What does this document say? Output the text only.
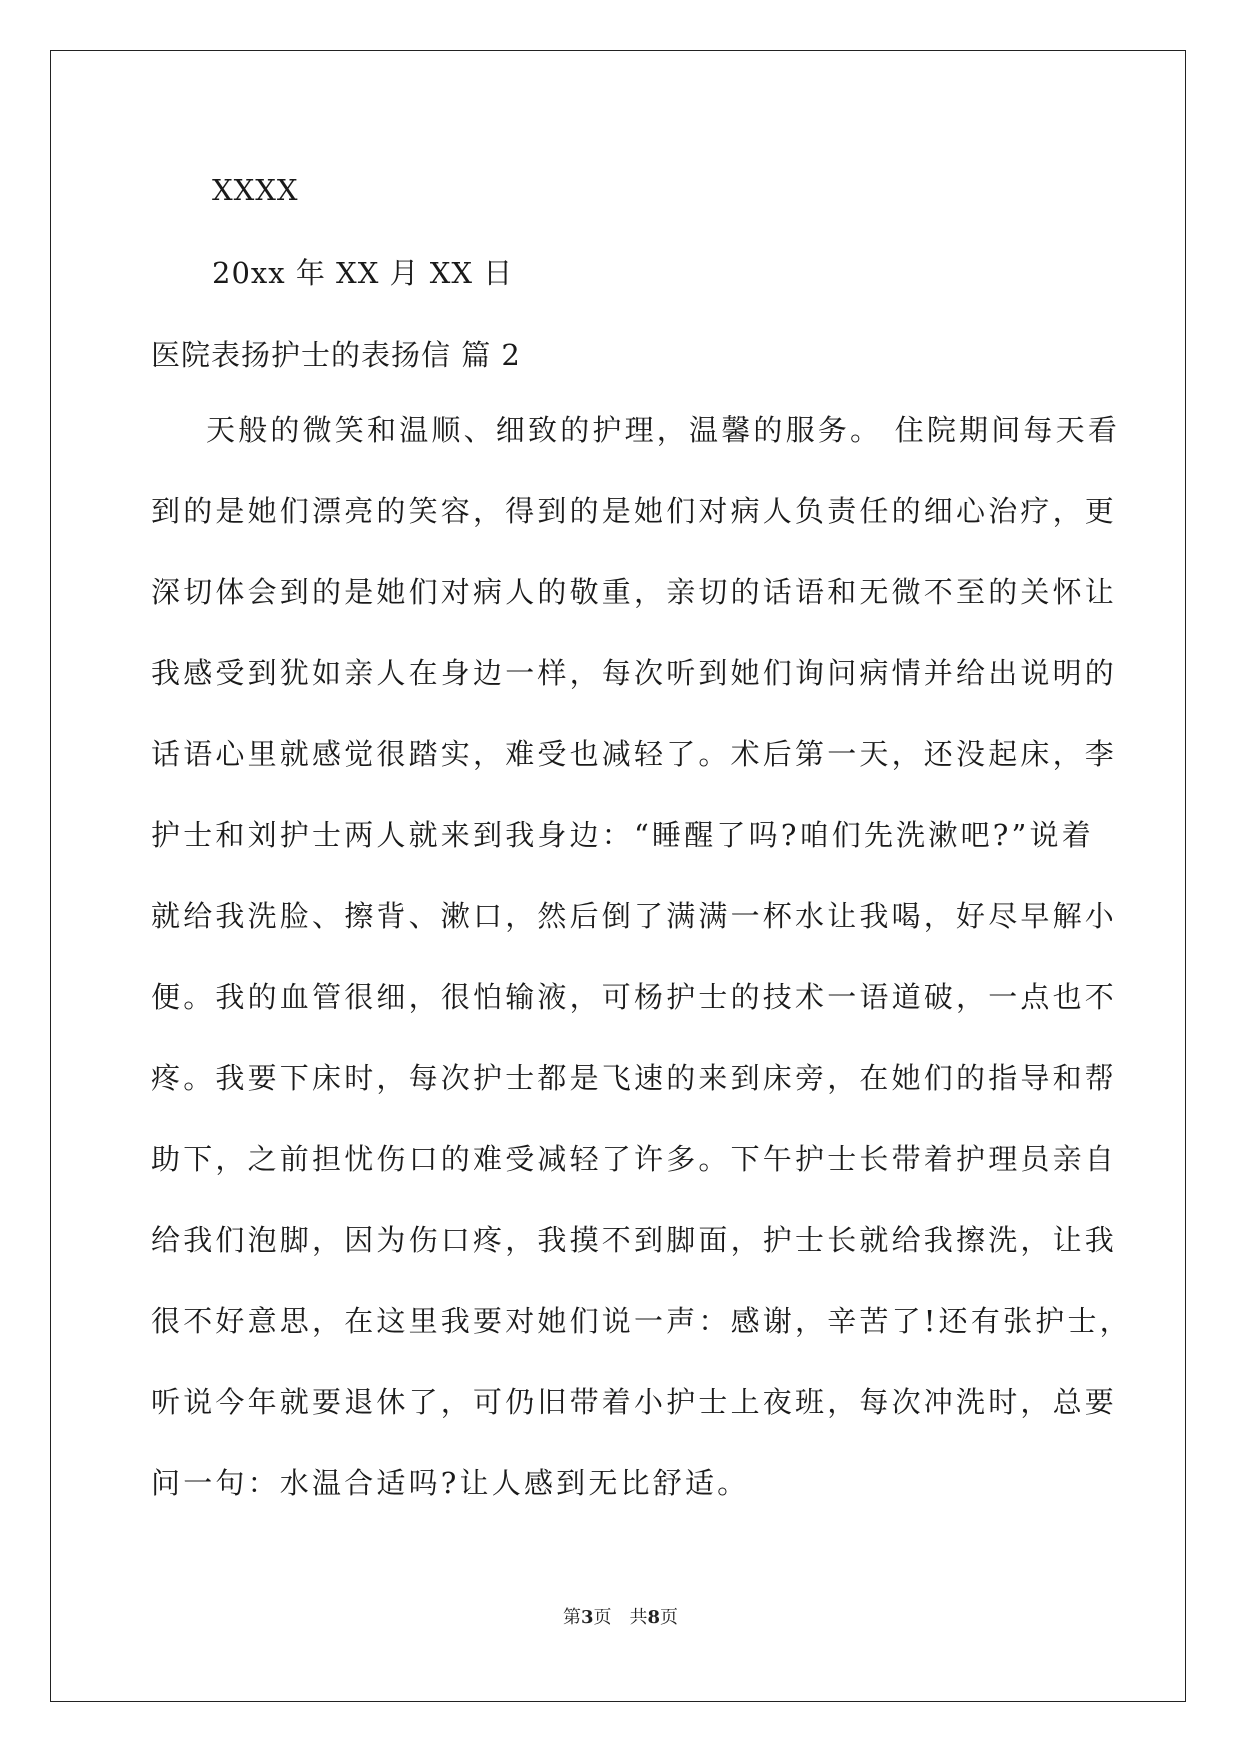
XXXX
20xx 年 XX 月 XX 日
医院表扬护士的表扬信 篇 2
天般的微笑和温顺、细致的护理，温馨的服务。 住院期间每天看
到的是她们漂亮的笑容，得到的是她们对病人负责任的细心治疗，更
深切体会到的是她们对病人的敬重，亲切的话语和无微不至的关怀让
我感受到犹如亲人在身边一样，每次听到她们询问病情并给出说明的
话语心里就感觉很踏实，难受也减轻了。术后第一天，还没起床，李
护士和刘护士两人就来到我身边：“睡醒了吗?咱们先洗漱吧?”说着
就给我洗脸、擦背、漱口，然后倒了满满一杯水让我喝，好尽早解小
便。我的血管很细，很怕输液，可杨护士的技术一语道破，一点也不
疼。我要下床时，每次护士都是飞速的来到床旁，在她们的指导和帮
助下，之前担忧伤口的难受减轻了许多。下午护士长带着护理员亲自
给我们泡脚，因为伤口疼，我摸不到脚面，护士长就给我擦洗，让我
很不好意思，在这里我要对她们说一声：感谢，辛苦了!还有张护士，
听说今年就要退休了，可仍旧带着小护士上夜班，每次冲洗时，总要
问一句：水温合适吗?让人感到无比舒适。
第3页　共8页
